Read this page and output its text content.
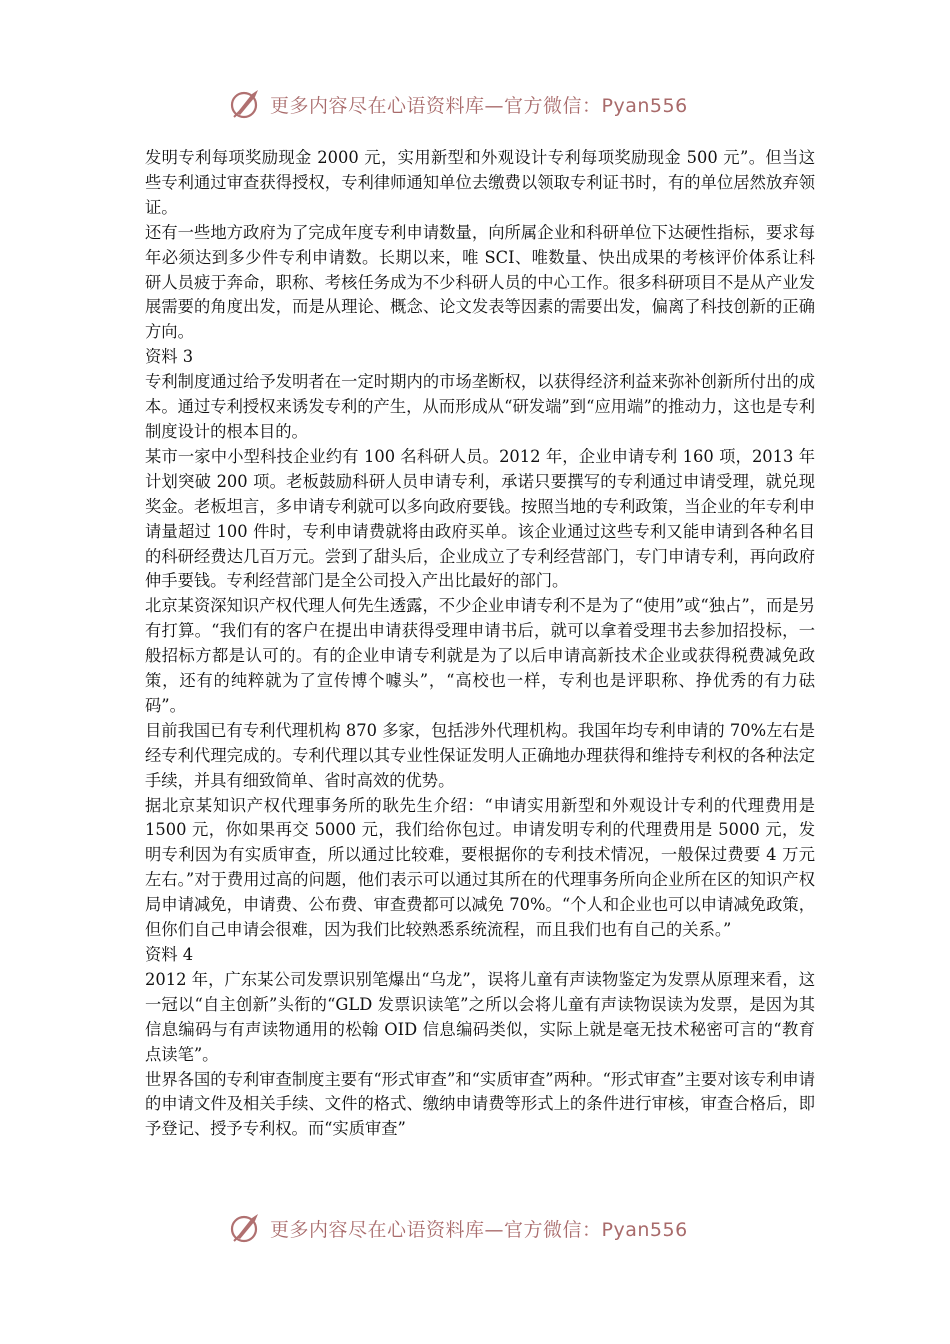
更多内容尽在心语资料库—官方微信：Pyan556

发明专利每项奖励现金 2000 元，实用新型和外观设计专利每项奖励现金 500 元”。但当这些专利通过审查获得授权，专利律师通知单位去缴费以领取专利证书时，有的单位居然放弃领证。

还有一些地方政府为了完成年度专利申请数量，向所属企业和科研单位下达硬性指标，要求每年必须达到多少件专利申请数。长期以来，唯 SCI、唯数量、快出成果的考核评价体系让科研人员疲于奔命，职称、考核任务成为不少科研人员的中心工作。很多科研项目不是从产业发展需要的角度出发，而是从理论、概念、论文发表等因素的需要出发，偏离了科技创新的正确方向。

资料 3

专利制度通过给予发明者在一定时期内的市场垄断权，以获得经济利益来弥补创新所付出的成本。通过专利授权来诱发专利的产生，从而形成从“研发端”到“应用端”的推动力，这也是专利制度设计的根本目的。

某市一家中小型科技企业约有 100 名科研人员。2012 年，企业申请专利 160 项，2013 年计划突破 200 项。老板鼓励科研人员申请专利，承诺只要撰写的专利通过申请受理，就兑现奖金。老板坦言，多申请专利就可以多向政府要钱。按照当地的专利政策，当企业的年专利申请量超过 100 件时，专利申请费就将由政府买单。该企业通过这些专利又能申请到各种名目的科研经费达几百万元。尝到了甜头后，企业成立了专利经营部门，专门申请专利，再向政府伸手要钱。专利经营部门是全公司投入产出比最好的部门。

北京某资深知识产权代理人何先生透露，不少企业申请专利不是为了“使用”或“独占”，而是另有打算。“我们有的客户在提出申请获得受理申请书后，就可以拿着受理书去参加招投标，一般招标方都是认可的。有的企业申请专利就是为了以后申请高新技术企业或获得税费减免政策，还有的纯粹就为了宣传博个噱头”，“高校也一样，专利也是评职称、挣优秀的有力砝码”。

目前我国已有专利代理机构 870 多家，包括涉外代理机构。我国年均专利申请的 70%左右是经专利代理完成的。专利代理以其专业性保证发明人正确地办理获得和维持专利权的各种法定手续，并具有细致简单、省时高效的优势。

据北京某知识产权代理事务所的耿先生介绍：“申请实用新型和外观设计专利的代理费用是 1500 元，你如果再交 5000 元，我们给你包过。申请发明专利的代理费用是 5000 元，发明专利因为有实质审查，所以通过比较难，要根据你的专利技术情况，一般保过费要 4 万元左右。”对于费用过高的问题，他们表示可以通过其所在的代理事务所向企业所在区的知识产权局申请减免，申请费、公布费、审查费都可以减免 70%。“个人和企业也可以申请减免政策，但你们自己申请会很难，因为我们比较熟悉系统流程，而且我们也有自己的关系。”

资料 4

2012 年，广东某公司发票识别笔爆出“乌龙”，误将儿童有声读物鉴定为发票从原理来看，这一冠以“自主创新”头衔的“GLD 发票识读笔”之所以会将儿童有声读物误读为发票，是因为其信息编码与有声读物通用的松翰 OID 信息编码类似，实际上就是毫无技术秘密可言的“教育点读笔”。

世界各国的专利审查制度主要有“形式审查”和“实质审查”两种。“形式审查”主要对该专利申请的申请文件及相关手续、文件的格式、缴纳申请费等形式上的条件进行审核，审查合格后，即予登记、授予专利权。而“实质审查”

更多内容尽在心语资料库—官方微信：Pyan556
